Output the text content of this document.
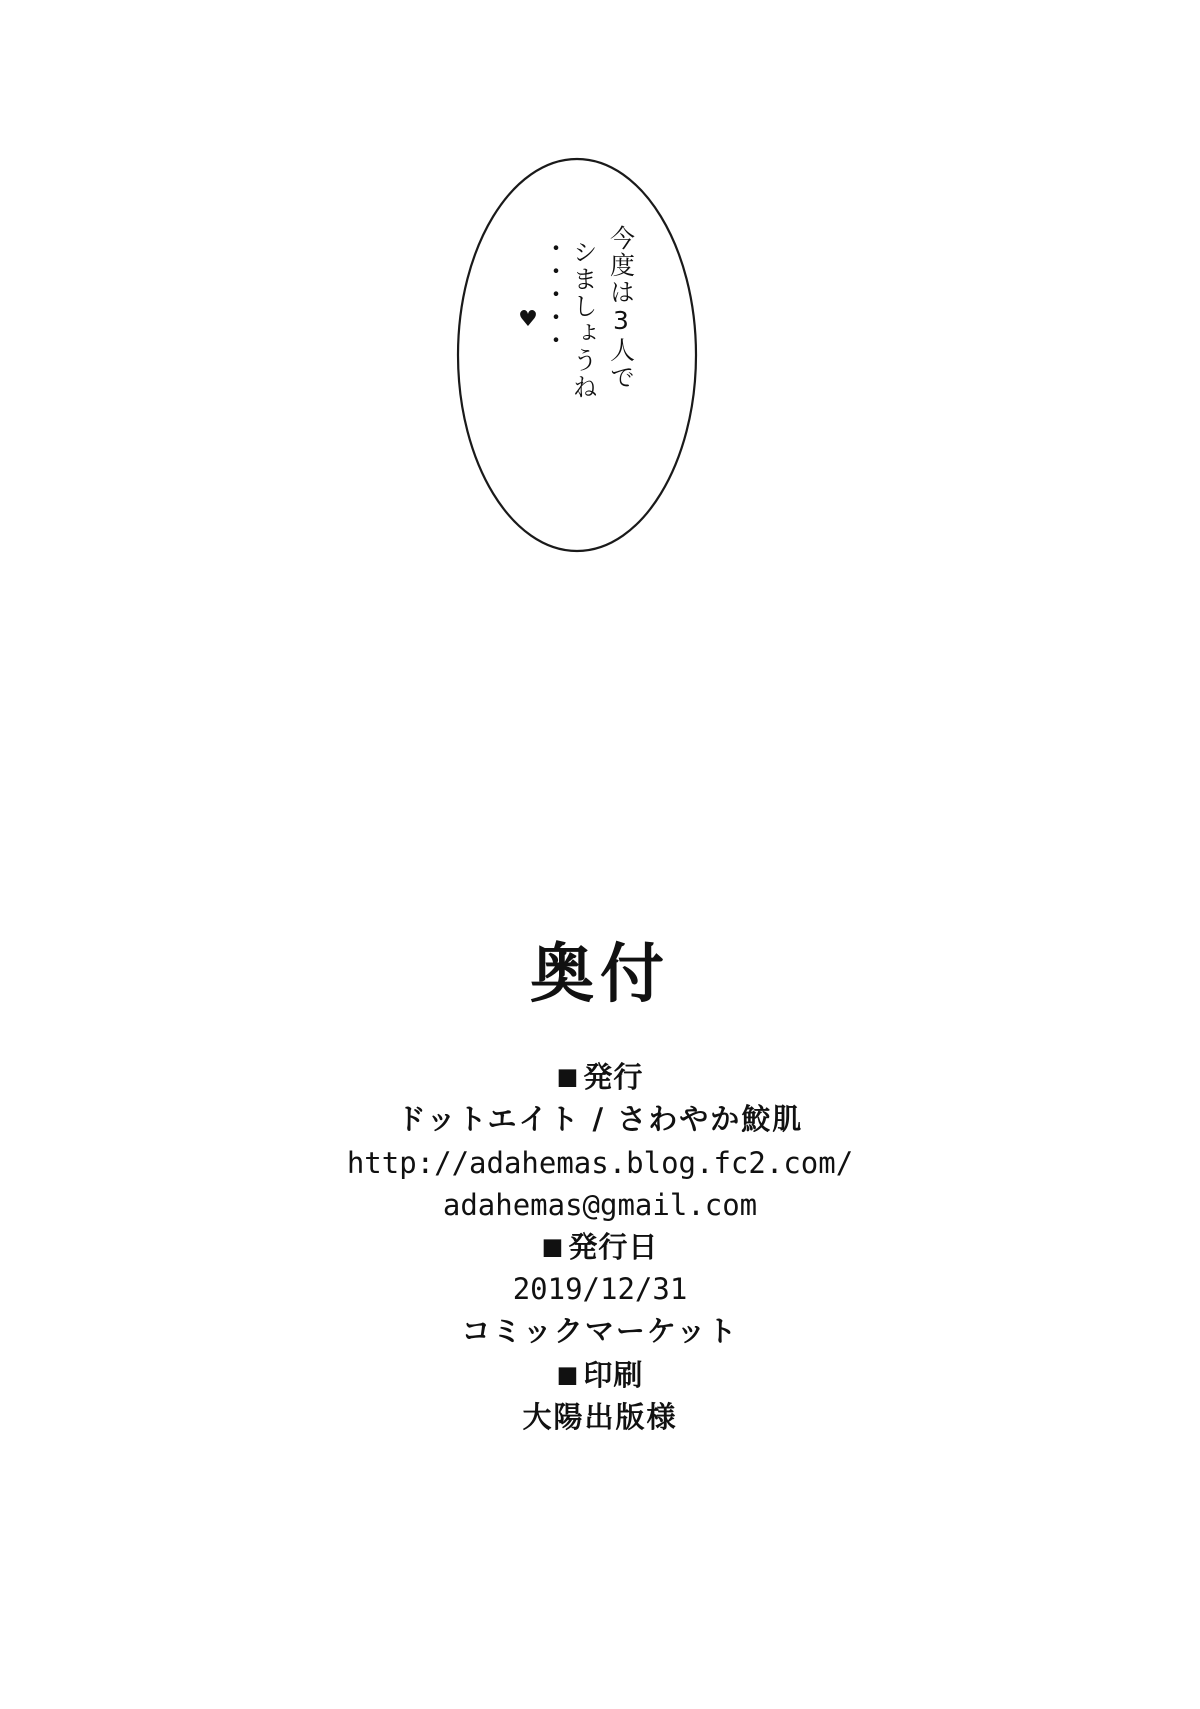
今度は3人で
シましょうね
・・・・・
♥
奥付
■ 発行
ドットエイト / さわやか鮫肌
http://adahemas.blog.fc2.com/
adahemas@gmail.com
■ 発行日
2019/12/31
コミックマーケット
■ 印刷
大陽出版様
